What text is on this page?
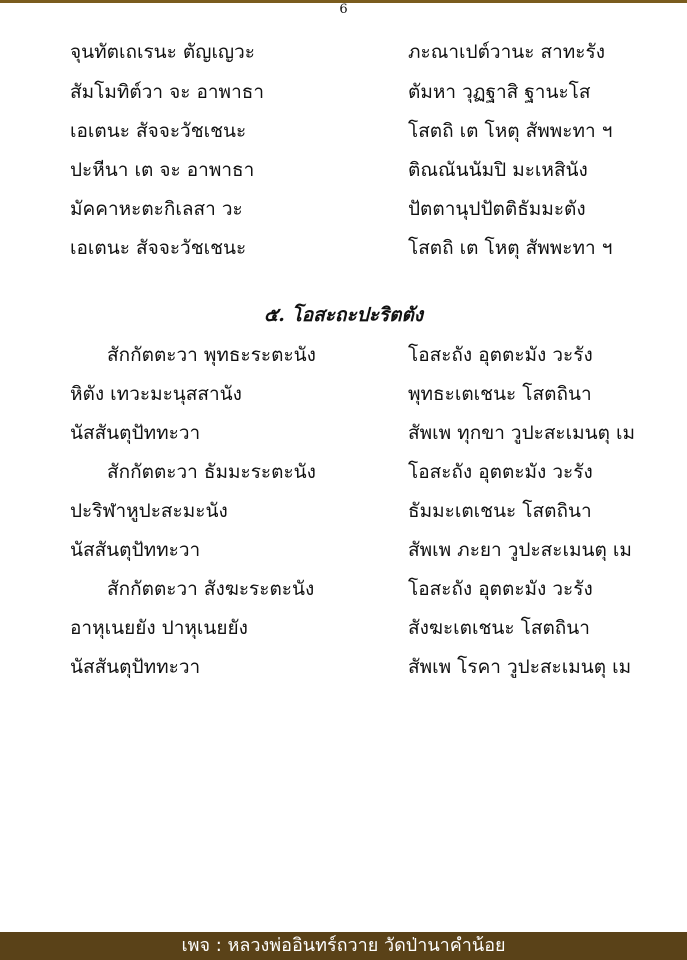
6
จุนทัตเถเรนะ ตัญเญวะ	ภะณาเปต์วานะ สาทะรัง
สัมโมทิต์วา จะ อาพาธา	ตัมหา วุฏฐาสิ ฐานะโส
เอเตนะ สัจจะวัชเชนะ	โสตถิ เต โหตุ สัพพะทา ฯ
ปะหีนา เต จะ อาพาธา	ติณณันนัมปิ มะเหสินัง
มัคคาหะตะกิเลสา วะ	ปัตตานุปปัตติธัมมะตัง
เอเตนะ สัจจะวัชเชนะ	โสตถิ เต โหตุ สัพพะทา ฯ
๕. โอสะถะปะริตตัง
สักกัตตะวา พุทธะระตะนัง	โอสะถัง อุตตะมัง วะรัง
หิตัง เทวะมะนุสสานัง	พุทธะเตเชนะ โสตถินา
นัสสันตุปัททะวา	สัพเพ ทุกขา วูปะสะเมนตุ เม
สักกัตตะวา ธัมมะระตะนัง	โอสะถัง อุตตะมัง วะรัง
ปะริฬาหูปะสะมะนัง	ธัมมะเตเชนะ โสตถินา
นัสสันตุปัททะวา	สัพเพ ภะยา วูปะสะเมนตุ เม
สักกัตตะวา สังฆะระตะนัง	โอสะถัง อุตตะมัง วะรัง
อาหุเนยยัง ปาหุเนยยัง	สังฆะเตเชนะ โสตถินา
นัสสันตุปัททะวา	สัพเพ โรคา วูปะสะเมนตุ เม
เพจ : หลวงพ่ออินทร์ถวาย วัดป่านาคำน้อย
